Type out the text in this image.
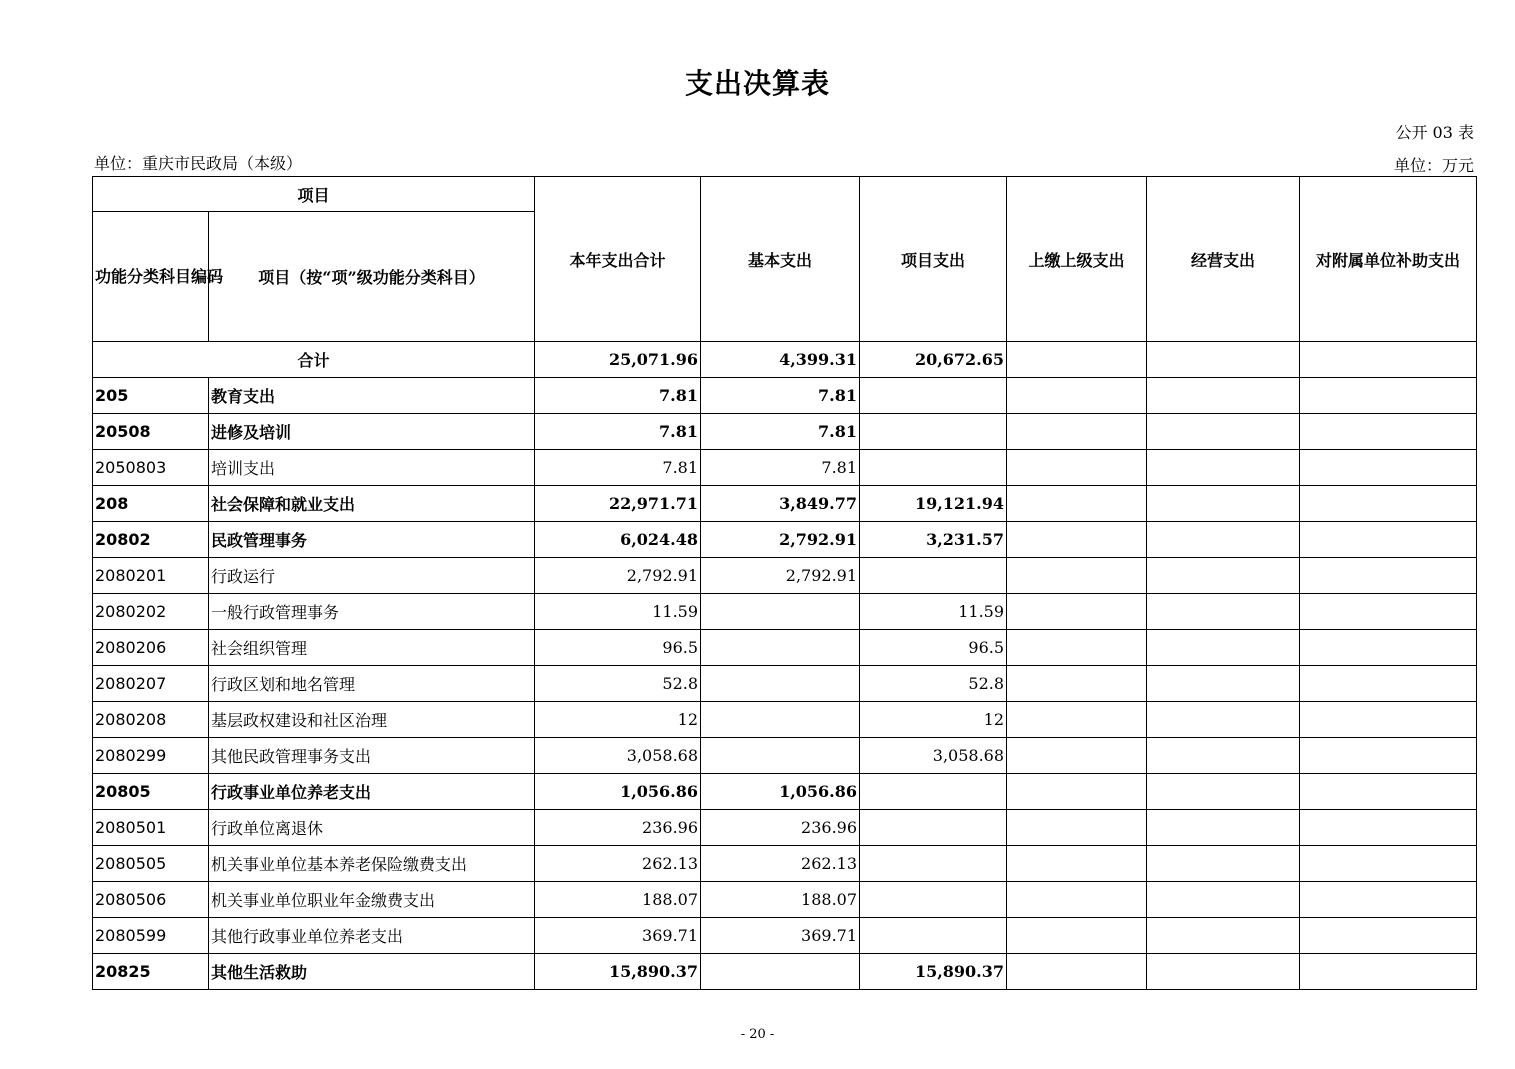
支出决算表
公开 03 表
单位：重庆市民政局（本级）	单位：万元
项目		本年支出合计	基本支出	项目支出	上缴上级支出	经营支出	对附属单位补助支出
功能分类科目编码	项目（按“项”级功能分类科目）						
合计		25,071.96	4,399.31	20,672.65			
205	教育支出	7.81	7.81				
20508	进修及培训	7.81	7.81				
2050803	培训支出	7.81	7.81				
208	社会保障和就业支出	22,971.71	3,849.77	19,121.94			
20802	民政管理事务	6,024.48	2,792.91	3,231.57			
2080201	行政运行	2,792.91	2,792.91				
2080202	一般行政管理事务	11.59		11.59			
2080206	社会组织管理	96.5		96.5			
2080207	行政区划和地名管理	52.8		52.8			
2080208	基层政权建设和社区治理	12		12			
2080299	其他民政管理事务支出	3,058.68		3,058.68			
20805	行政事业单位养老支出	1,056.86	1,056.86				
2080501	行政单位离退休	236.96	236.96				
2080505	机关事业单位基本养老保险缴费支出	262.13	262.13				
2080506	机关事业单位职业年金缴费支出	188.07	188.07				
2080599	其他行政事业单位养老支出	369.71	369.71				
20825	其他生活救助	15,890.37		15,890.37			
- 20 -
